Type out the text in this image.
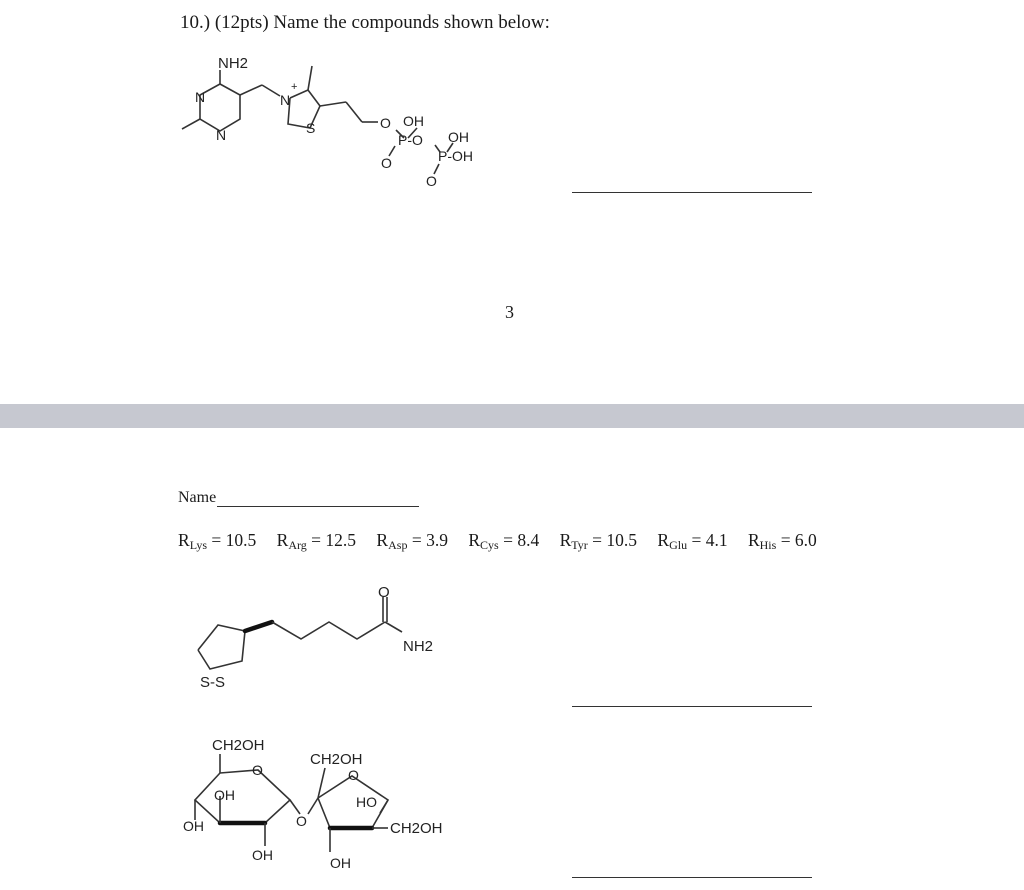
10.) (12pts) Name the compounds shown below:
NH2
N
N
N
+
S	O OH
P-O
O
OH
P-OH
O
3
Name
$R_{Lys} = 10.5$ $R_{Arg} = 12.5$ $R_{Asp} = 3.9$ $R_{Cys} = 8.4$ $R_{Tyr} = 10.5$ $R_{Glu} = 4.1$ $R_{His} = 6.0$
O
NH2
S-S
CH2OH
O
OH
OH
OH
O
CH2OH
O
HO
CH2OH
OH
